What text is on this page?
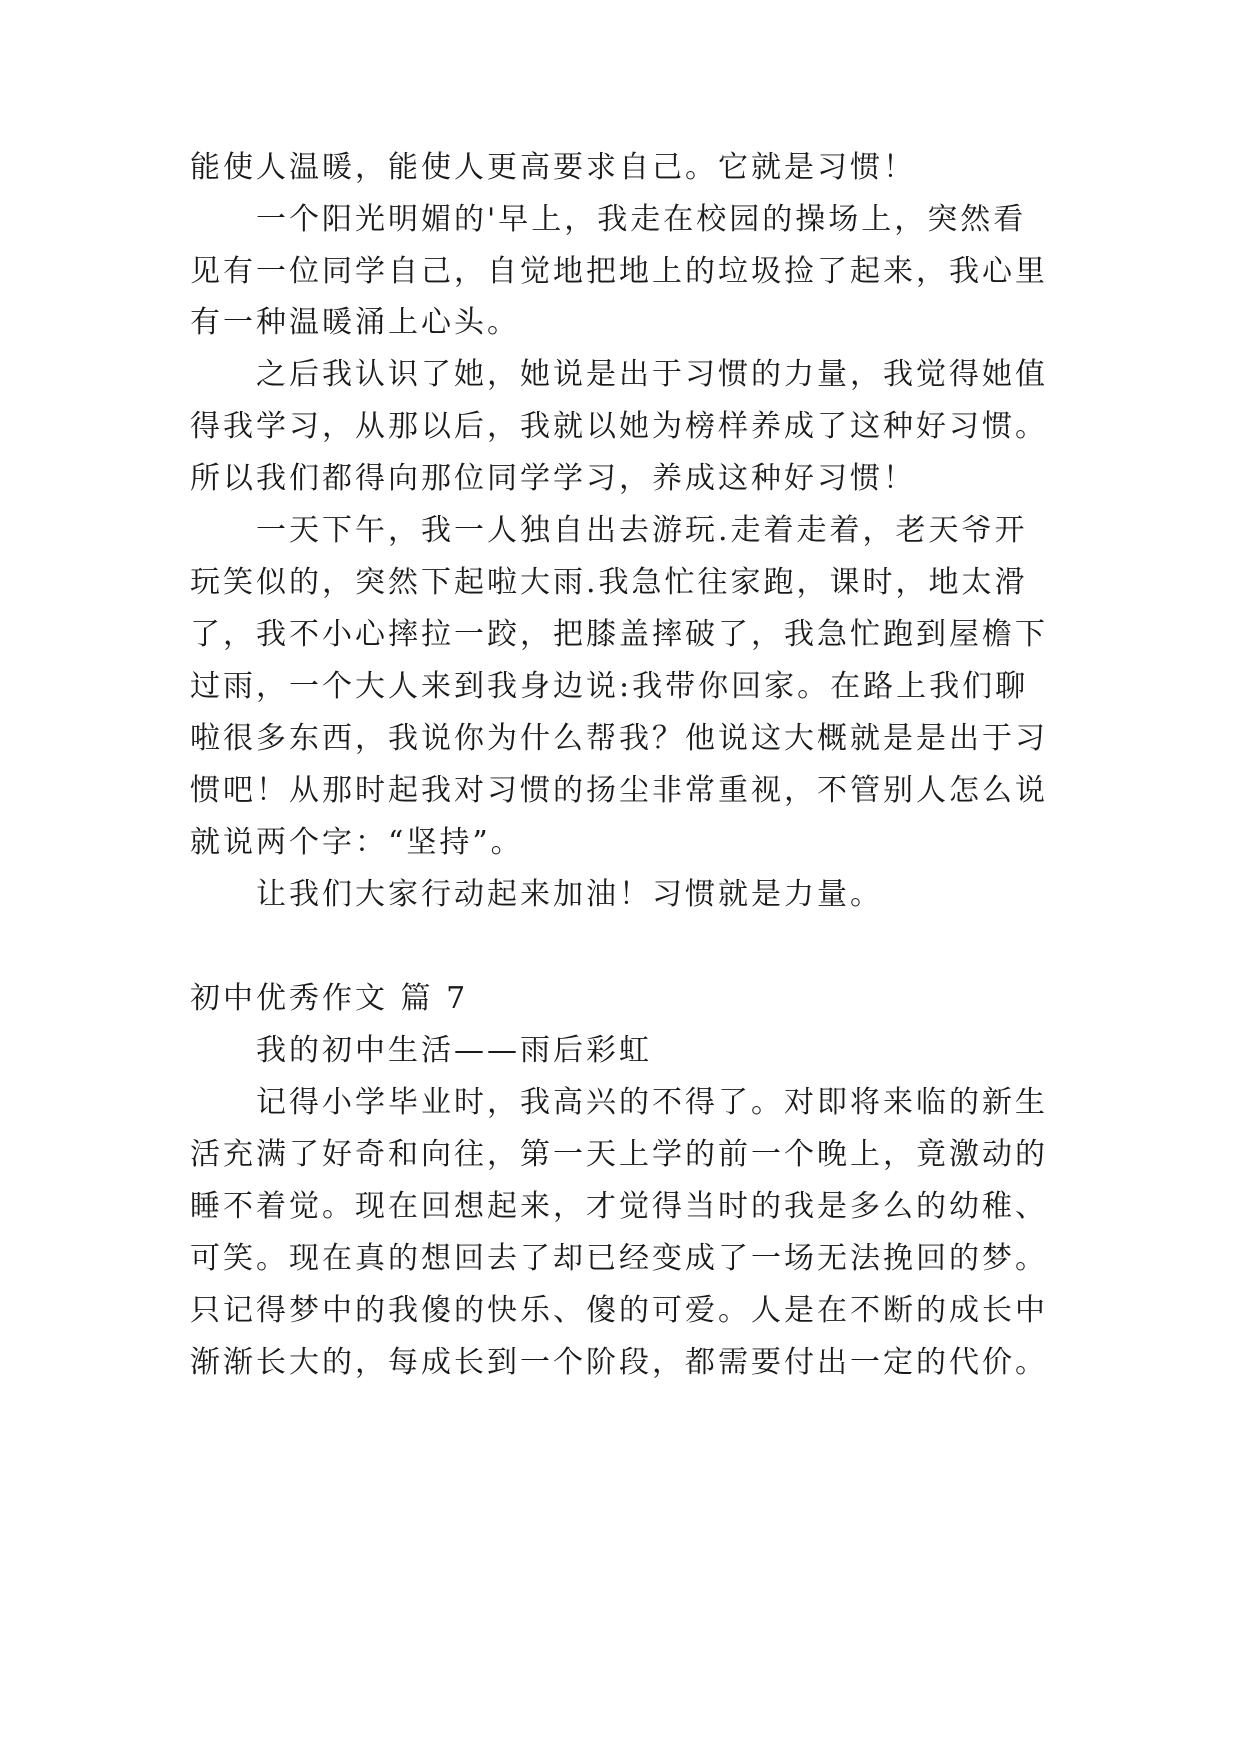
能使人温暖，能使人更高要求自己。它就是习惯！
一个阳光明媚的'早上，我走在校园的操场上，突然看
见有一位同学自己，自觉地把地上的垃圾捡了起来，我心里
有一种温暖涌上心头。
之后我认识了她，她说是出于习惯的力量，我觉得她值
得我学习，从那以后，我就以她为榜样养成了这种好习惯。
所以我们都得向那位同学学习，养成这种好习惯！
一天下午，我一人独自出去游玩.走着走着，老天爷开
玩笑似的，突然下起啦大雨.我急忙往家跑，课时，地太滑
了，我不小心摔拉一跤，把膝盖摔破了，我急忙跑到屋檐下
过雨，一个大人来到我身边说:我带你回家。在路上我们聊
啦很多东西，我说你为什么帮我？他说这大概就是是出于习
惯吧！从那时起我对习惯的扬尘非常重视，不管别人怎么说
就说两个字：“坚持”。
让我们大家行动起来加油！习惯就是力量。
初中优秀作文 篇 7
我的初中生活——雨后彩虹
记得小学毕业时，我高兴的不得了。对即将来临的新生
活充满了好奇和向往，第一天上学的前一个晚上，竟激动的
睡不着觉。现在回想起来，才觉得当时的我是多么的幼稚、
可笑。现在真的想回去了却已经变成了一场无法挽回的梦。
只记得梦中的我傻的快乐、傻的可爱。人是在不断的成长中
渐渐长大的，每成长到一个阶段，都需要付出一定的代价。
